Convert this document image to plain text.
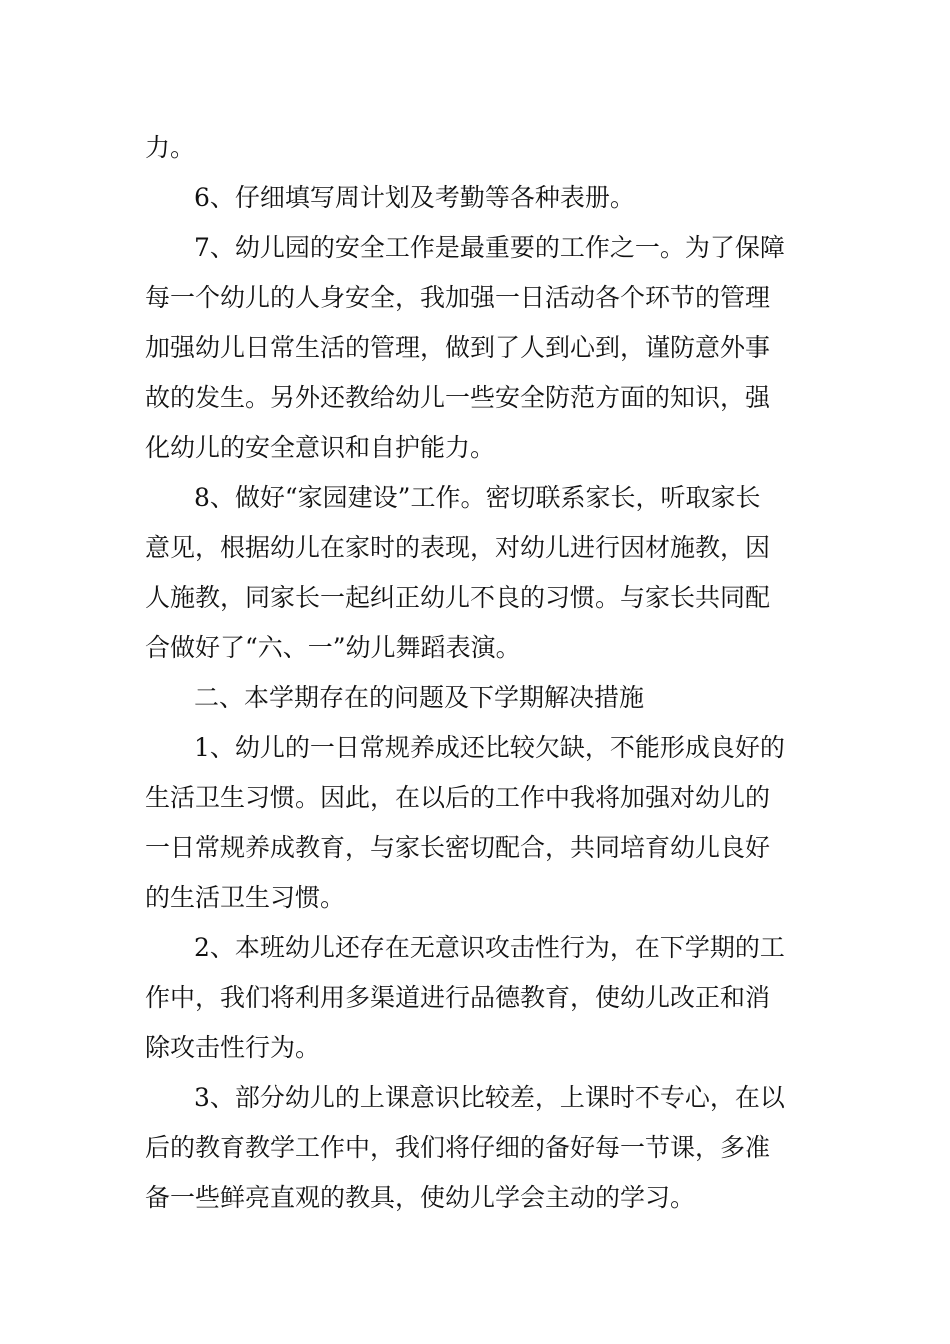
力。
6、仔细填写周计划及考勤等各种表册。
7、幼儿园的安全工作是最重要的工作之一。为了保障
每一个幼儿的人身安全，我加强一日活动各个环节的管理
加强幼儿日常生活的管理，做到了人到心到，谨防意外事
故的发生。另外还教给幼儿一些安全防范方面的知识，强
化幼儿的安全意识和自护能力。
8、做好“家园建设”工作。密切联系家长，听取家长
意见，根据幼儿在家时的表现，对幼儿进行因材施教，因
人施教，同家长一起纠正幼儿不良的习惯。与家长共同配
合做好了“六、一”幼儿舞蹈表演。
二、本学期存在的问题及下学期解决措施
1、幼儿的一日常规养成还比较欠缺，不能形成良好的
生活卫生习惯。因此，在以后的工作中我将加强对幼儿的
一日常规养成教育，与家长密切配合，共同培育幼儿良好
的生活卫生习惯。
2、本班幼儿还存在无意识攻击性行为，在下学期的工
作中，我们将利用多渠道进行品德教育，使幼儿改正和消
除攻击性行为。
3、部分幼儿的上课意识比较差，上课时不专心，在以
后的教育教学工作中，我们将仔细的备好每一节课，多准
备一些鲜亮直观的教具，使幼儿学会主动的学习。
